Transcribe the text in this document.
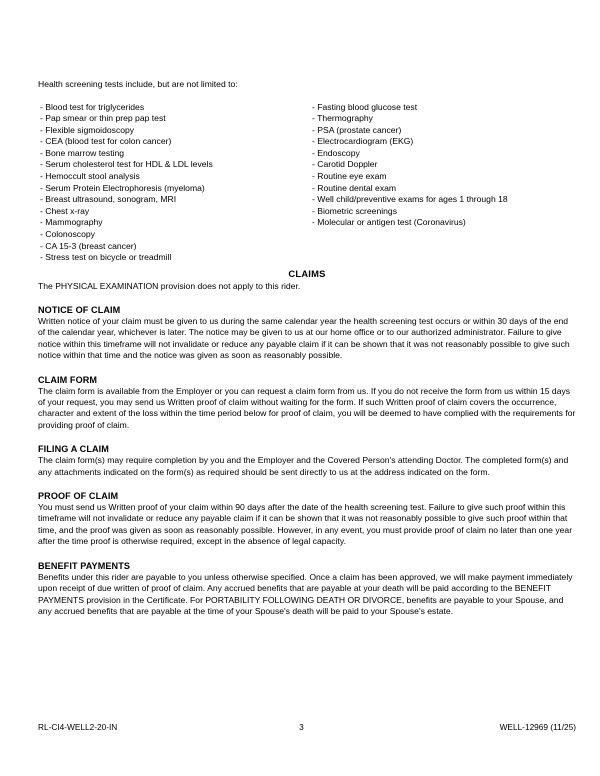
Health screening tests include, but are not limited to:

- Blood test for triglycerides
- Pap smear or thin prep pap test
- Flexible sigmoidoscopy
- CEA (blood test for colon cancer)
- Bone marrow testing
- Serum cholesterol test for HDL & LDL levels
- Hemoccult stool analysis
- Serum Protein Electrophoresis (myeloma)
- Breast ultrasound, sonogram, MRI
- Chest x-ray
- Mammography
- Colonoscopy
- CA 15-3 (breast cancer)
- Stress test on bicycle or treadmill
- Fasting blood glucose test
- Thermography
- PSA (prostate cancer)
- Electrocardiogram (EKG)
- Endoscopy
- Carotid Doppler
- Routine eye exam
- Routine dental exam
- Well child/preventive exams for ages 1 through 18
- Biometric screenings
- Molecular or antigen test (Coronavirus)
CLAIMS

The PHYSICAL EXAMINATION provision does not apply to this rider.

NOTICE OF CLAIM

Written notice of your claim must be given to us during the same calendar year the health screening test occurs or within 30 days of the end of the calendar year, whichever is later. The notice may be given to us at our home office or to our authorized administrator. Failure to give notice within this timeframe will not invalidate or reduce any payable claim if it can be shown that it was not reasonably possible to give such notice within that time and the notice was given as soon as reasonably possible.

CLAIM FORM

The claim form is available from the Employer or you can request a claim form from us. If you do not receive the form from us within 15 days of your request, you may send us Written proof of claim without waiting for the form. If such Written proof of claim covers the occurrence, character and extent of the loss within the time period below for proof of claim, you will be deemed to have complied with the requirements for providing proof of claim.

FILING A CLAIM

The claim form(s) may require completion by you and the Employer and the Covered Person's attending Doctor. The completed form(s) and any attachments indicated on the form(s) as required should be sent directly to us at the address indicated on the form.

PROOF OF CLAIM

You must send us Written proof of your claim within 90 days after the date of the health screening test. Failure to give such proof within this timeframe will not invalidate or reduce any payable claim if it can be shown that it was not reasonably possible to give such proof within that time, and the proof was given as soon as reasonably possible. However, in any event, you must provide proof of claim no later than one year after the time proof is otherwise required, except in the absence of legal capacity.

BENEFIT PAYMENTS

Benefits under this rider are payable to you unless otherwise specified. Once a claim has been approved, we will make payment immediately upon receipt of due written of proof of claim. Any accrued benefits that are payable at your death will be paid according to the BENEFIT PAYMENTS provision in the Certificate. For PORTABILITY FOLLOWING DEATH OR DIVORCE, benefits are payable to your Spouse, and any accrued benefits that are payable at the time of your Spouse's death will be paid to your Spouse's estate.

RL-CI4-WELL2-20-IN	3	WELL-12969 (11/25)
